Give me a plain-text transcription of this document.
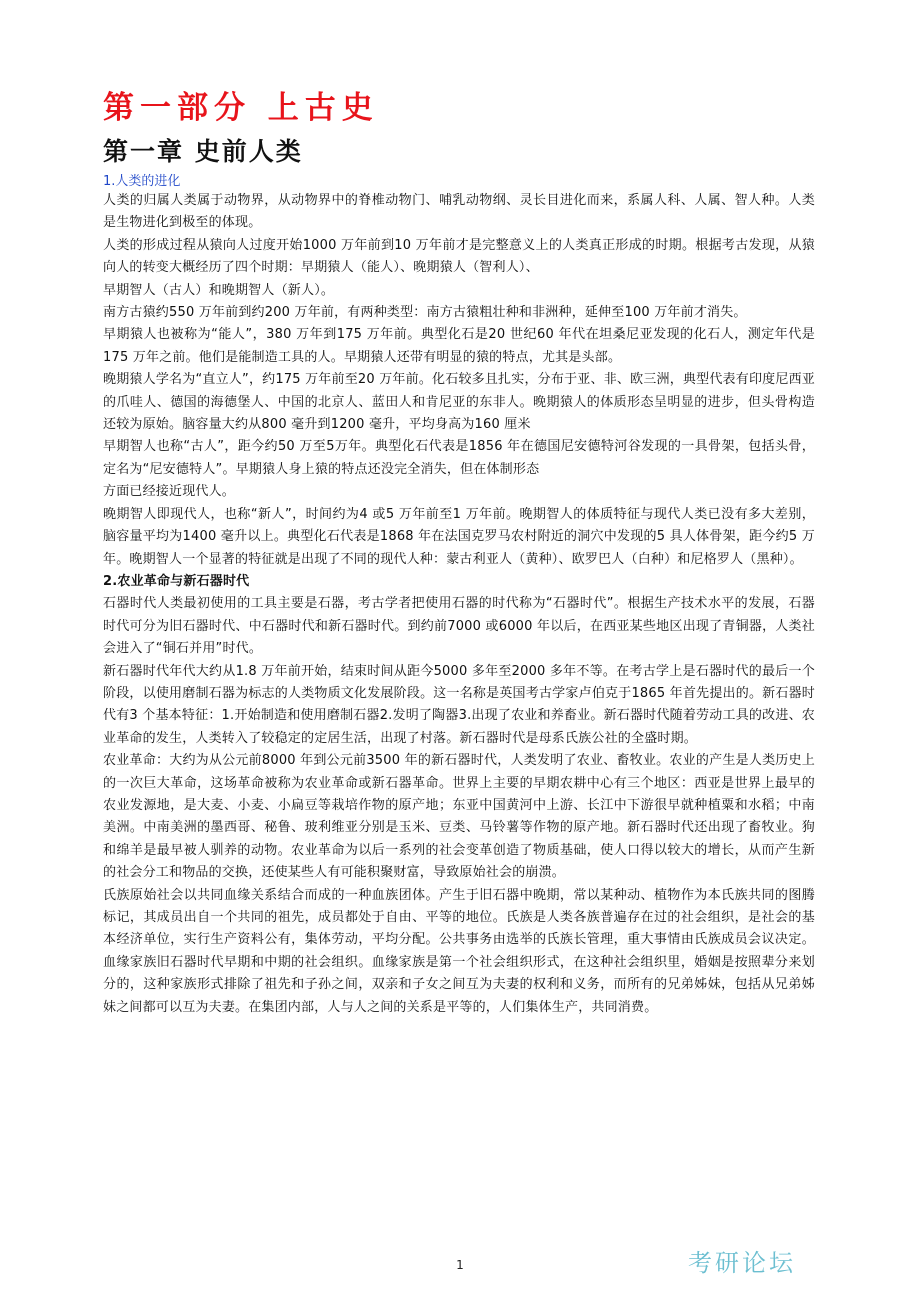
第一部分 上古史
第一章 史前人类
1.人类的进化

人类的归属人类属于动物界，从动物界中的脊椎动物门、哺乳动物纲、灵长目进化而来，系属人科、人属、智人种。人类是生物进化到极至的体现。

人类的形成过程从猿向人过度开始1000 万年前到10 万年前才是完整意义上的人类真正形成的时期。根据考古发现，从猿向人的转变大概经历了四个时期：早期猿人（能人）、晚期猿人（智利人）、

早期智人（古人）和晚期智人（新人）。

南方古猿约550 万年前到约200 万年前，有两种类型：南方古猿粗壮种和非洲种，延伸至100 万年前才消失。

早期猿人也被称为“能人”，380 万年到175 万年前。典型化石是20 世纪60 年代在坦桑尼亚发现的化石人，测定年代是175 万年之前。他们是能制造工具的人。早期猿人还带有明显的猿的特点，尤其是头部。

晚期猿人学名为“直立人”，约175 万年前至20 万年前。化石较多且扎实，分布于亚、非、欧三洲，典型代表有印度尼西亚的爪哇人、德国的海德堡人、中国的北京人、蓝田人和肯尼亚的东非人。晚期猿人的体质形态呈明显的进步，但头骨构造还较为原始。脑容量大约从800 毫升到1200 毫升，平均身高为160 厘米

早期智人也称“古人”，距今约50 万至5万年。典型化石代表是1856 年在德国尼安德特河谷发现的一具骨架，包括头骨，定名为“尼安德特人”。早期猿人身上猿的特点还没完全消失，但在体制形态

方面已经接近现代人。

晚期智人即现代人，也称“新人”，时间约为4 或5 万年前至1 万年前。晚期智人的体质特征与现代人类已没有多大差别，脑容量平均为1400 毫升以上。典型化石代表是1868 年在法国克罗马农村附近的洞穴中发现的5 具人体骨架，距今约5 万年。晚期智人一个显著的特征就是出现了不同的现代人种：蒙古利亚人（黄种）、欧罗巴人（白种）和尼格罗人（黑种）。

2.农业革命与新石器时代

石器时代人类最初使用的工具主要是石器，考古学者把使用石器的时代称为“石器时代”。根据生产技术水平的发展，石器时代可分为旧石器时代、中石器时代和新石器时代。到约前7000 或6000 年以后，在西亚某些地区出现了青铜器，人类社会进入了“铜石并用”时代。

新石器时代年代大约从1.8 万年前开始，结束时间从距今5000 多年至2000 多年不等。在考古学上是石器时代的最后一个阶段，以使用磨制石器为标志的人类物质文化发展阶段。这一名称是英国考古学家卢伯克于1865 年首先提出的。新石器时代有3 个基本特征：1.开始制造和使用磨制石器2.发明了陶器3.出现了农业和养畜业。新石器时代随着劳动工具的改进、农业革命的发生，人类转入了较稳定的定居生活，出现了村落。新石器时代是母系氏族公社的全盛时期。

农业革命：大约为从公元前8000 年到公元前3500 年的新石器时代，人类发明了农业、畜牧业。农业的产生是人类历史上的一次巨大革命，这场革命被称为农业革命或新石器革命。世界上主要的早期农耕中心有三个地区：西亚是世界上最早的农业发源地，是大麦、小麦、小扁豆等栽培作物的原产地；东亚中国黄河中上游、长江中下游很早就种植粟和水稻；中南美洲。中南美洲的墨西哥、秘鲁、玻利维亚分别是玉米、豆类、马铃薯等作物的原产地。新石器时代还出现了畜牧业。狗和绵羊是最早被人驯养的动物。农业革命为以后一系列的社会变革创造了物质基础，使人口得以较大的增长，从而产生新的社会分工和物品的交换，还使某些人有可能积聚财富，导致原始社会的崩溃。

氏族原始社会以共同血缘关系结合而成的一种血族团体。产生于旧石器中晚期，常以某种动、植物作为本氏族共同的图腾标记，其成员出自一个共同的祖先，成员都处于自由、平等的地位。氏族是人类各族普遍存在过的社会组织，是社会的基本经济单位，实行生产资料公有，集体劳动，平均分配。公共事务由选举的氏族长管理，重大事情由氏族成员会议决定。血缘家族旧石器时代早期和中期的社会组织。血缘家族是第一个社会组织形式，在这种社会组织里，婚姻是按照辈分来划分的，这种家族形式排除了祖先和子孙之间，双亲和子女之间互为夫妻的权利和义务，而所有的兄弟姊妹，包括从兄弟姊妹之间都可以互为夫妻。在集团内部，人与人之间的关系是平等的，人们集体生产，共同消费。

1	考研论坛
